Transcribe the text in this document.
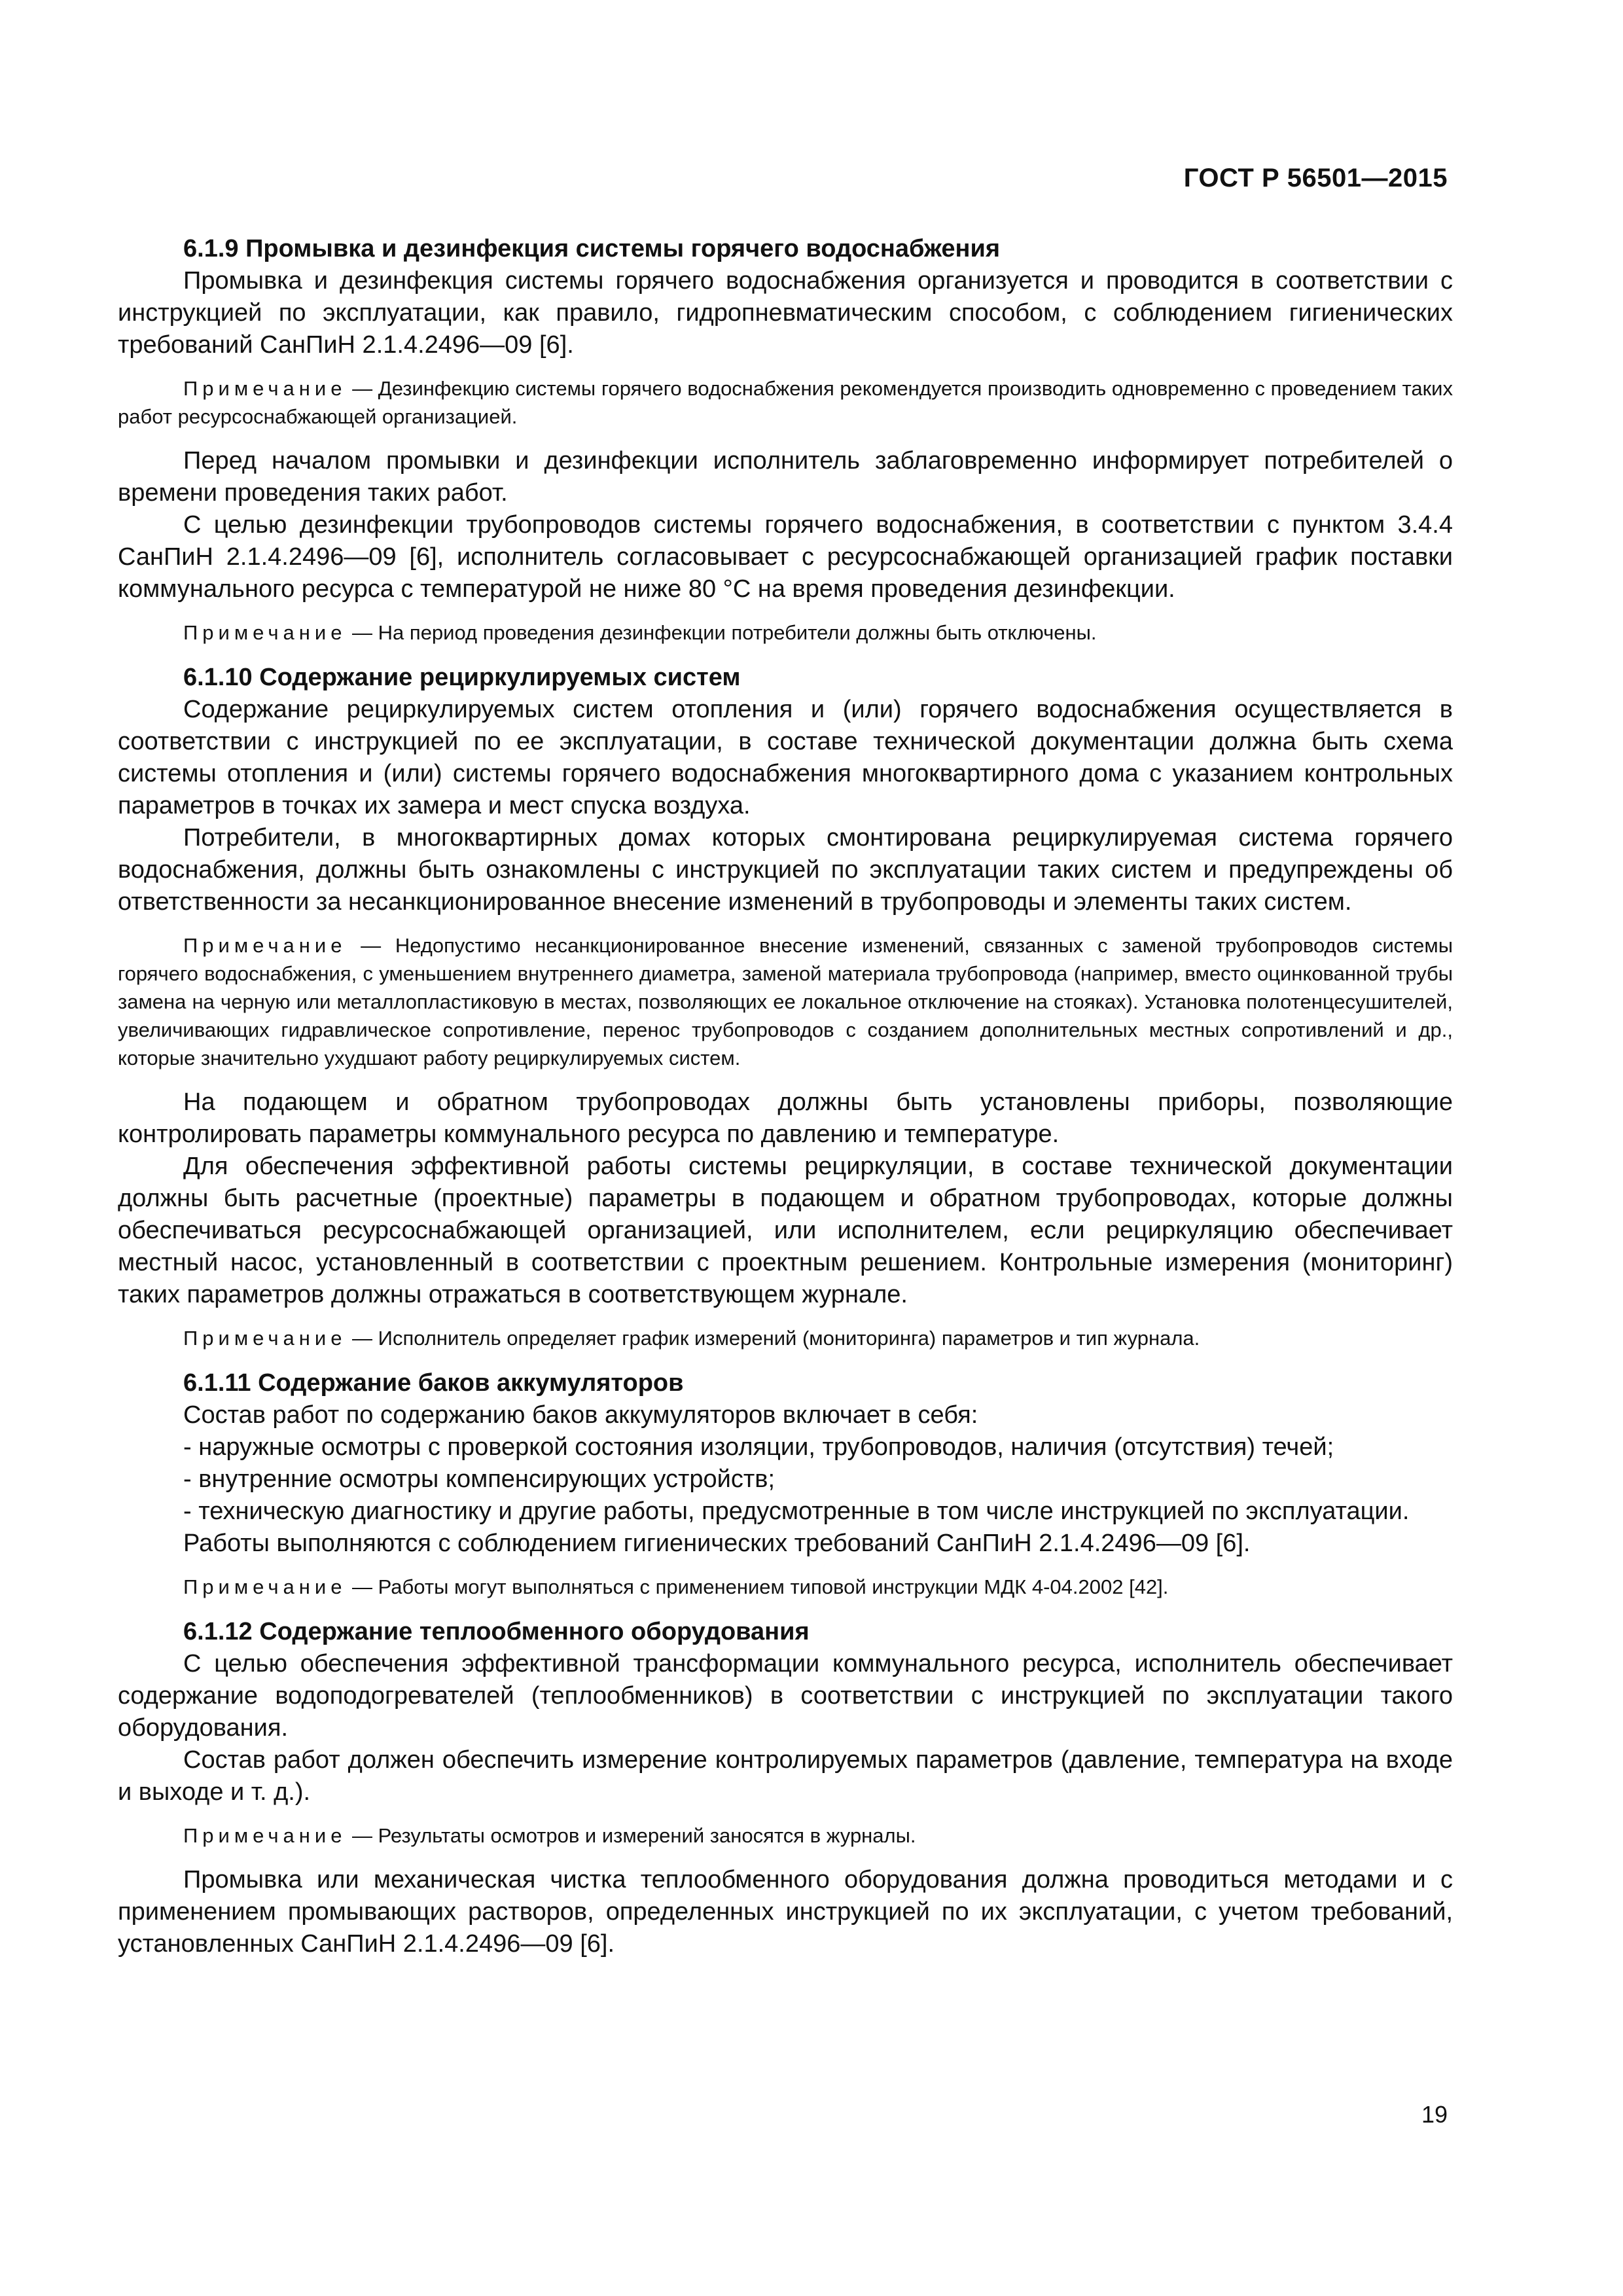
ГОСТ Р 56501—2015

6.1.9 Промывка и дезинфекция системы горячего водоснабжения

Промывка и дезинфекция системы горячего водоснабжения организуется и проводится в соответствии с инструкцией по эксплуатации, как правило, гидропневматическим способом, с соблюдением гигиенических требований СанПиН 2.1.4.2496—09 [6].

Примечание — Дезинфекцию системы горячего водоснабжения рекомендуется производить одновременно с проведением таких работ ресурсоснабжающей организацией.

Перед началом промывки и дезинфекции исполнитель заблаговременно информирует потребителей о времени проведения таких работ.

С целью дезинфекции трубопроводов системы горячего водоснабжения, в соответствии с пунктом 3.4.4 СанПиН 2.1.4.2496—09 [6], исполнитель согласовывает с ресурсоснабжающей организацией график поставки коммунального ресурса с температурой не ниже 80 °С на время проведения дезинфекции.

Примечание — На период проведения дезинфекции потребители должны быть отключены.

6.1.10 Содержание рециркулируемых систем

Содержание рециркулируемых систем отопления и (или) горячего водоснабжения осуществляется в соответствии с инструкцией по ее эксплуатации, в составе технической документации должна быть схема системы отопления и (или) системы горячего водоснабжения многоквартирного дома с указанием контрольных параметров в точках их замера и мест спуска воздуха.

Потребители, в многоквартирных домах которых смонтирована рециркулируемая система горячего водоснабжения, должны быть ознакомлены с инструкцией по эксплуатации таких систем и предупреждены об ответственности за несанкционированное внесение изменений в трубопроводы и элементы таких систем.

Примечание — Недопустимо несанкционированное внесение изменений, связанных с заменой трубопроводов системы горячего водоснабжения, с уменьшением внутреннего диаметра, заменой материала трубопровода (например, вместо оцинкованной трубы замена на черную или металлопластиковую в местах, позволяющих ее локальное отключение на стояках). Установка полотенцесушителей, увеличивающих гидравлическое сопротивление, перенос трубопроводов с созданием дополнительных местных сопротивлений и др., которые значительно ухудшают работу рециркулируемых систем.

На подающем и обратном трубопроводах должны быть установлены приборы, позволяющие контролировать параметры коммунального ресурса по давлению и температуре.

Для обеспечения эффективной работы системы рециркуляции, в составе технической документации должны быть расчетные (проектные) параметры в подающем и обратном трубопроводах, которые должны обеспечиваться ресурсоснабжающей организацией, или исполнителем, если рециркуляцию обеспечивает местный насос, установленный в соответствии с проектным решением. Контрольные измерения (мониторинг) таких параметров должны отражаться в соответствующем журнале.

Примечание — Исполнитель определяет график измерений (мониторинга) параметров и тип журнала.

6.1.11 Содержание баков аккумуляторов

Состав работ по содержанию баков аккумуляторов включает в себя:

- наружные осмотры с проверкой состояния изоляции, трубопроводов, наличия (отсутствия) течей;

- внутренние осмотры компенсирующих устройств;

- техническую диагностику и другие работы, предусмотренные в том числе инструкцией по эксплуатации.

Работы выполняются с соблюдением гигиенических требований СанПиН 2.1.4.2496—09 [6].

Примечание — Работы могут выполняться с применением типовой инструкции МДК 4-04.2002 [42].

6.1.12 Содержание теплообменного оборудования

С целью обеспечения эффективной трансформации коммунального ресурса, исполнитель обеспечивает содержание водоподогревателей (теплообменников) в соответствии с инструкцией по эксплуатации такого оборудования.

Состав работ должен обеспечить измерение контролируемых параметров (давление, температура на входе и выходе и т. д.).

Примечание — Результаты осмотров и измерений заносятся в журналы.

Промывка или механическая чистка теплообменного оборудования должна проводиться методами и с применением промывающих растворов, определенных инструкцией по их эксплуатации, с учетом требований, установленных СанПиН 2.1.4.2496—09 [6].

19
